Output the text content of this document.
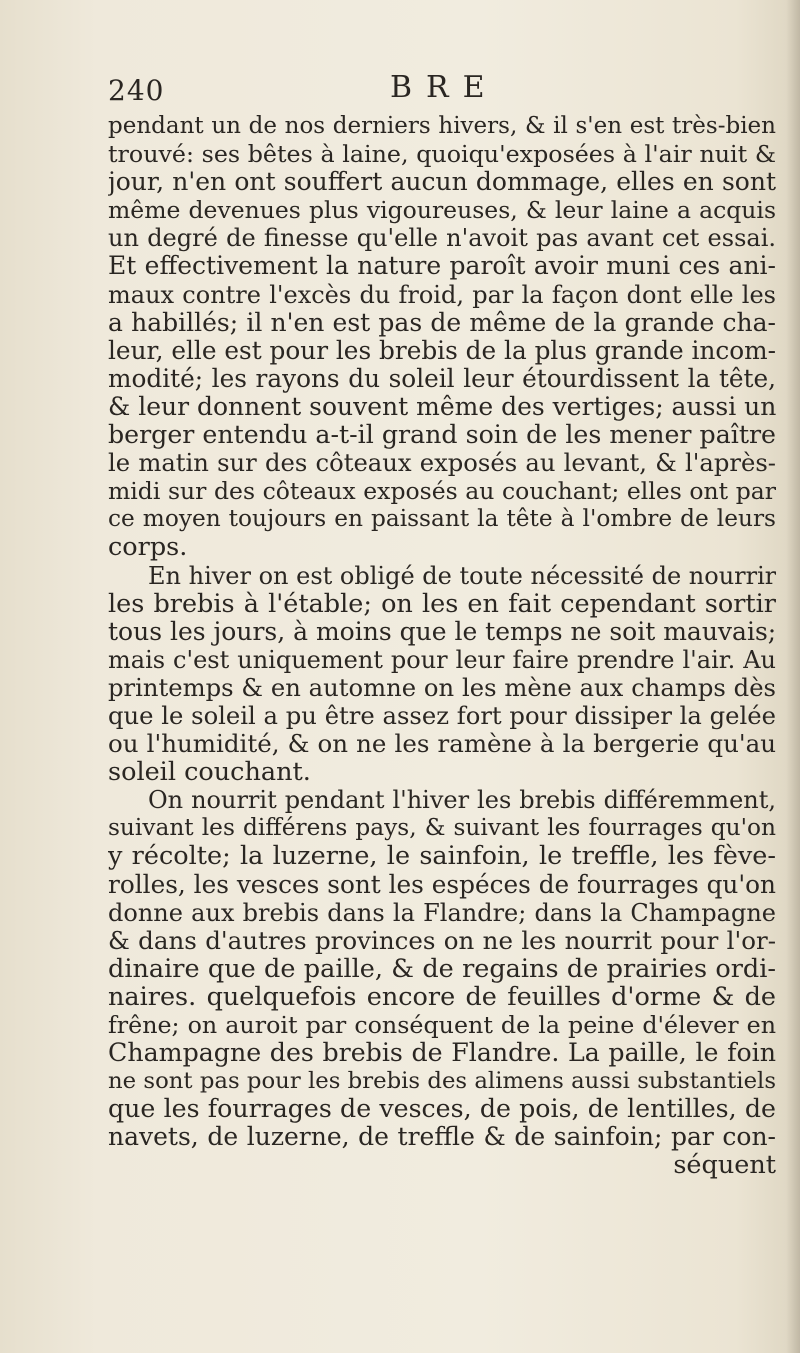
240	BRE
pendant un de nos derniers hivers, & il s'en est très-bien
trouvé: ses bêtes à laine, quoiqu'exposées à l'air nuit &
jour, n'en ont souffert aucun dommage, elles en sont
même devenues plus vigoureuses, & leur laine a acquis
un degré de finesse qu'elle n'avoit pas avant cet essai.
Et effectivement la nature paroît avoir muni ces ani-
maux contre l'excès du froid, par la façon dont elle les
a habillés; il n'en est pas de même de la grande cha-
leur, elle est pour les brebis de la plus grande incom-
modité; les rayons du soleil leur étourdissent la tête,
& leur donnent souvent même des vertiges; aussi un
berger entendu a-t-il grand soin de les mener paître
le matin sur des côteaux exposés au levant, & l'après-
midi sur des côteaux exposés au couchant; elles ont par
ce moyen toujours en paissant la tête à l'ombre de leurs
corps.
En hiver on est obligé de toute nécessité de nourrir
les brebis à l'étable; on les en fait cependant sortir
tous les jours, à moins que le temps ne soit mauvais;
mais c'est uniquement pour leur faire prendre l'air. Au
printemps & en automne on les mène aux champs dès
que le soleil a pu être assez fort pour dissiper la gelée
ou l'humidité, & on ne les ramène à la bergerie qu'au
soleil couchant.
On nourrit pendant l'hiver les brebis différemment,
suivant les différens pays, & suivant les fourrages qu'on
y récolte; la luzerne, le sainfoin, le treffle, les fève-
rolles, les vesces sont les espéces de fourrages qu'on
donne aux brebis dans la Flandre; dans la Champagne
& dans d'autres provinces on ne les nourrit pour l'or-
dinaire que de paille, & de regains de prairies ordi-
naires. quelquefois encore de feuilles d'orme & de
frêne; on auroit par conséquent de la peine d'élever en
Champagne des brebis de Flandre. La paille, le foin
ne sont pas pour les brebis des alimens aussi substantiels
que les fourrages de vesces, de pois, de lentilles, de
navets, de luzerne, de treffle & de sainfoin; par con-
séquent
